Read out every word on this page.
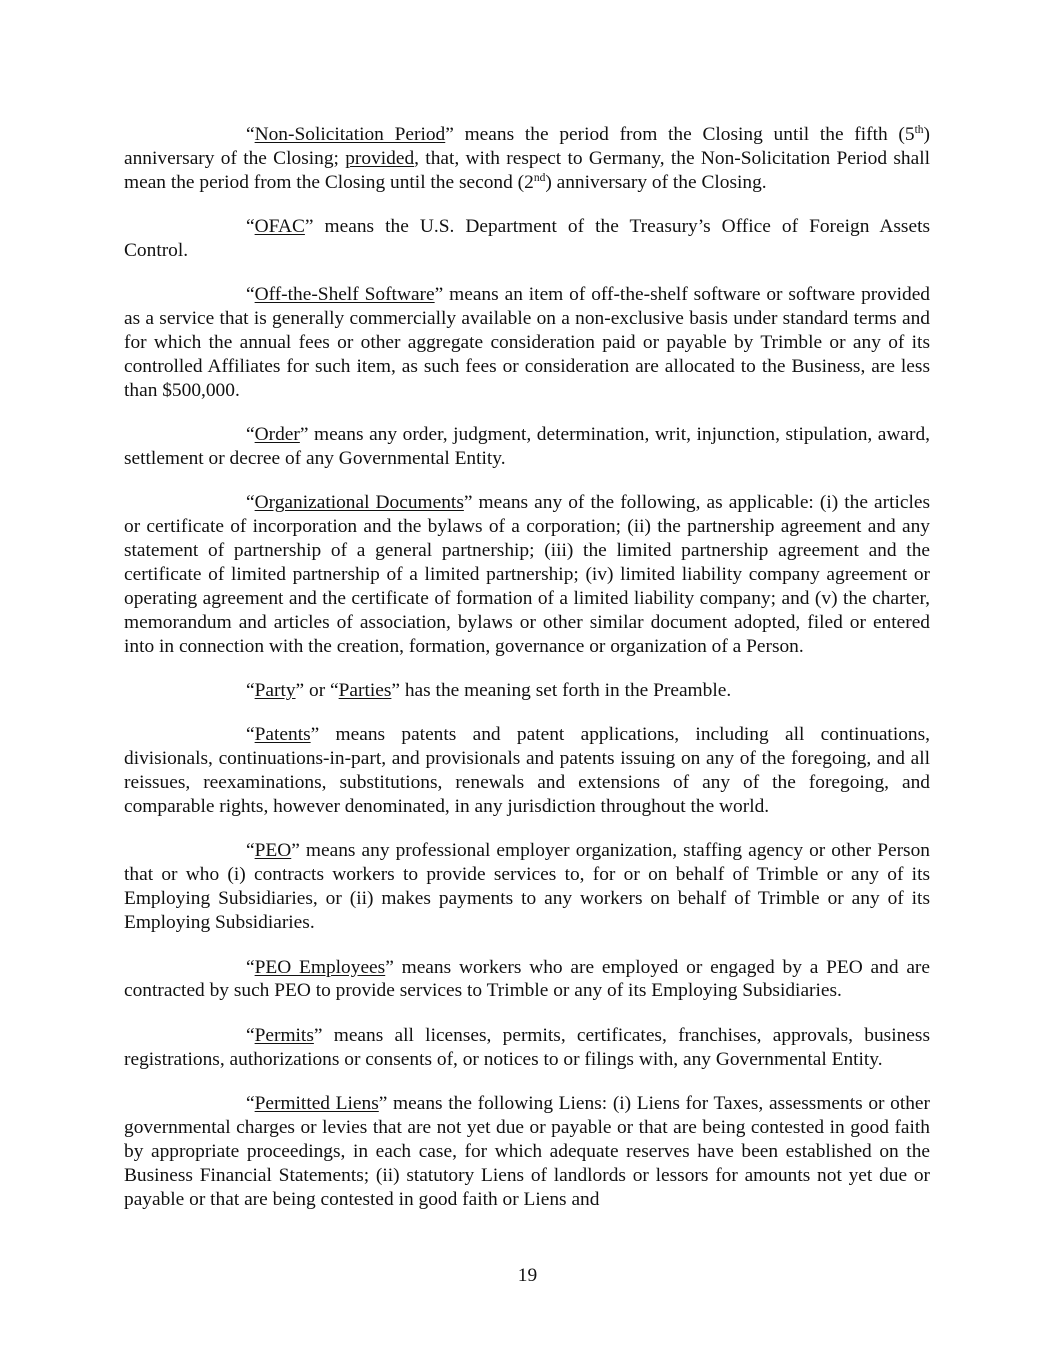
“Non-Solicitation Period” means the period from the Closing until the fifth (5th) anniversary of the Closing; provided, that, with respect to Germany, the Non-Solicitation Period shall mean the period from the Closing until the second (2nd) anniversary of the Closing.

“OFAC” means the U.S. Department of the Treasury’s Office of Foreign Assets Control.

“Off-the-Shelf Software” means an item of off-the-shelf software or software provided as a service that is generally commercially available on a non-exclusive basis under standard terms and for which the annual fees or other aggregate consideration paid or payable by Trimble or any of its controlled Affiliates for such item, as such fees or consideration are allocated to the Business, are less than $500,000.

“Order” means any order, judgment, determination, writ, injunction, stipulation, award, settlement or decree of any Governmental Entity.

“Organizational Documents” means any of the following, as applicable: (i) the articles or certificate of incorporation and the bylaws of a corporation; (ii) the partnership agreement and any statement of partnership of a general partnership; (iii) the limited partnership agreement and the certificate of limited partnership of a limited partnership; (iv) limited liability company agreement or operating agreement and the certificate of formation of a limited liability company; and (v) the charter, memorandum and articles of association, bylaws or other similar document adopted, filed or entered into in connection with the creation, formation, governance or organization of a Person.

“Party” or “Parties” has the meaning set forth in the Preamble.

“Patents” means patents and patent applications, including all continuations, divisionals, continuations-in-part, and provisionals and patents issuing on any of the foregoing, and all reissues, reexaminations, substitutions, renewals and extensions of any of the foregoing, and comparable rights, however denominated, in any jurisdiction throughout the world.

“PEO” means any professional employer organization, staffing agency or other Person that or who (i) contracts workers to provide services to, for or on behalf of Trimble or any of its Employing Subsidiaries, or (ii) makes payments to any workers on behalf of Trimble or any of its Employing Subsidiaries.

“PEO Employees” means workers who are employed or engaged by a PEO and are contracted by such PEO to provide services to Trimble or any of its Employing Subsidiaries.

“Permits” means all licenses, permits, certificates, franchises, approvals, business registrations, authorizations or consents of, or notices to or filings with, any Governmental Entity.

“Permitted Liens” means the following Liens: (i) Liens for Taxes, assessments or other governmental charges or levies that are not yet due or payable or that are being contested in good faith by appropriate proceedings, in each case, for which adequate reserves have been established on the Business Financial Statements; (ii) statutory Liens of landlords or lessors for amounts not yet due or payable or that are being contested in good faith or Liens and

19
